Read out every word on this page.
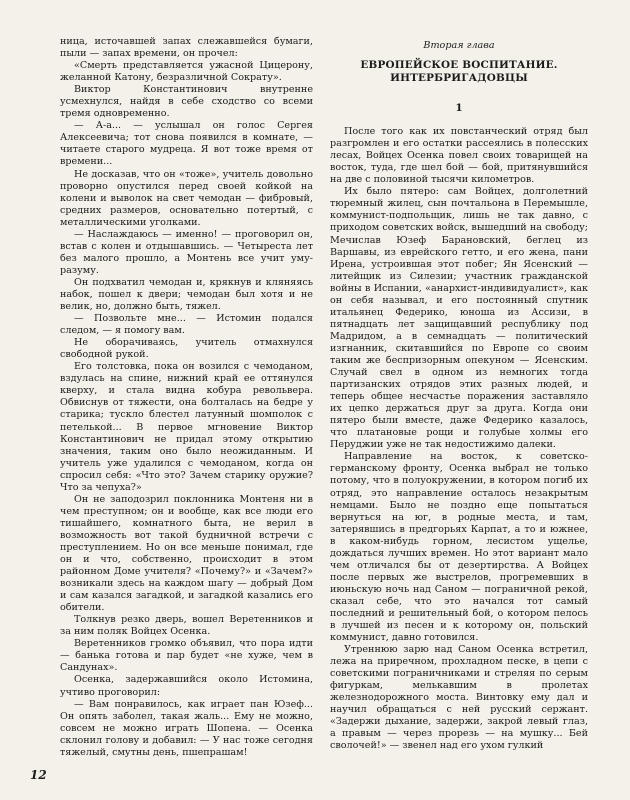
ница, источавшей запах слежавшейся бумаги, пыли — запах времени, он прочел:

«Смерть представляется ужасной Цицерону, желанной Катону, безразличной Сократу».

Виктор Константинович внутренне усмехнулся, найдя в себе сходство со всеми тремя одновременно.

— А-а... — услышал он голос Сергея Алексеевича; тот снова появился в комнате, — читаете старого мудреца. Я вот тоже время от времени...

Не досказав, что он «тоже», учитель довольно проворно опустился перед своей койкой на колени и выволок на свет чемодан — фибровый, средних размеров, основательно потертый, с металлическими уголками.

— Наслаждаюсь — именно! — проговорил он, встав с колен и отдышавшись. — Четыреста лет без малого прошло, а Монтень все учит уму-разуму.

Он подхватил чемодан и, крякнув и кляняясь набок, пошел к двери; чемодан был хотя и не велик, но, должно быть, тяжел.

— Позвольте мне... — Истомин подался следом, — я помогу вам.

Не оборачиваясь, учитель отмахнулся свободной рукой.

Его толстовка, пока он возился с чемоданом, вздулась на спине, нижний край ее оттянулся кверху, и стала видна кобура револьвера. Обвиснув от тяжести, она болталась на бедре у старика; тускло блестел латунный шомполок с петелькой... В первое мгновение Виктор Константинович не придал этому открытию значения, таким оно было неожиданным. И учитель уже удалился с чемоданом, когда он спросил себя: «Что это? Зачем старику оружие? Что за чепуха?»

Он не заподозрил поклонника Монтеня ни в чем преступном; он и вообще, как все люди его тишайшего, комнатного быта, не верил в возможность вот такой будничной встречи с преступлением. Но он все меньше понимал, где он и что, собственно, происходит в этом районном Доме учителя? «Почему?» и «Зачем?» возникали здесь на каждом шагу — добрый Дом и сам казался загадкой, и загадкой казались его обители.

Толкнув резко дверь, вошел Веретенников и за ним поляк Войцех Осенка.

Веретенников громко объявил, что пора идти — банька готова и пар будет «не хуже, чем в Сандунах».

Осенка, задержавшийся около Истомина, учтиво проговорил:

— Вам понравилось, как играет пан Юзеф... Он опять заболел, такая жаль... Ему не можно, совсем не можно играть Шопена. — Осенка склонил голову и добавил: — У нас тоже сегодня тяжелый, смутны день, пшепрашам!

Вторая глава
ЕВРОПЕЙСКОЕ ВОСПИТАНИЕ.
ИНТЕРБРИГАДОВЦЫ
1

После того как их повстанческий отряд был разгромлен и его остатки рассеялись в полесских лесах, Войцех Осенка повел своих товарищей на восток, туда, где шел бой — бой, притянувшийся на две с половиной тысячи километров.

Их было пятеро: сам Войцех, долголетний тюремный жилец, сын почтальона в Перемышле, коммунист-подпольщик, лишь не так давно, с приходом советских войск, вышедший на свободу; Мечислав Юзеф Барановский, беглец из Варшавы, из еврейского гетто, и его жена, пани Ирена, устроившая этот побег; Ян Ясенский — литейщик из Силезии; участник гражданской войны в Испании, «анархист-индивидуалист», как он себя называл, и его постоянный спутник итальянец Федерико, юноша из Ассизи, в пятнадцать лет защищавший республику под Мадридом, а в семнадцать — политический изгнанник, скитавшийся по Европе со своим таким же беспризорным опекуном — Ясенским. Случай свел в одном из немногих тогда партизанских отрядов этих разных людей, и теперь общее несчастье поражения заставляло их цепко держаться друг за друга. Когда они пятеро были вместе, даже Федерико казалось, что платановые рощи и голубые холмы его Перуджии уже не так недостижимо далеки.

Направление на восток, к советско-германскому фронту, Осенка выбрал не только потому, что в полуокружении, в котором погиб их отряд, это направление осталось незакрытым немцами. Было не поздно еще попытаться вернуться на юг, в родные места, и там, затерявшись в предгорьях Карпат, а то и южнее, в каком-нибудь горном, лесистом ущелье, дождаться лучших времен. Но этот вариант мало чем отличался бы от дезертирства. А Войцех после первых же выстрелов, прогремевших в июньскую ночь над Саном — пограничной рекой, сказал себе, что это начался тот самый последний и решительный бой, о котором пелось в лучшей из песен и к которому он, польский коммунист, давно готовился.

Утреннюю зарю над Саном Осенка встретил, лежа на приречном, прохладном песке, в цепи с советскими пограничниками и стреляя по серым фигуркам, мелькавшим в пролетах железнодорожного моста. Винтовку ему дал и научил обращаться с ней русский сержант. «Задержи дыхание, задержи, закрой левый глаз, а правым — через прорезь — на мушку... Бей сволочей!» — звенел над его ухом гулкий

12
